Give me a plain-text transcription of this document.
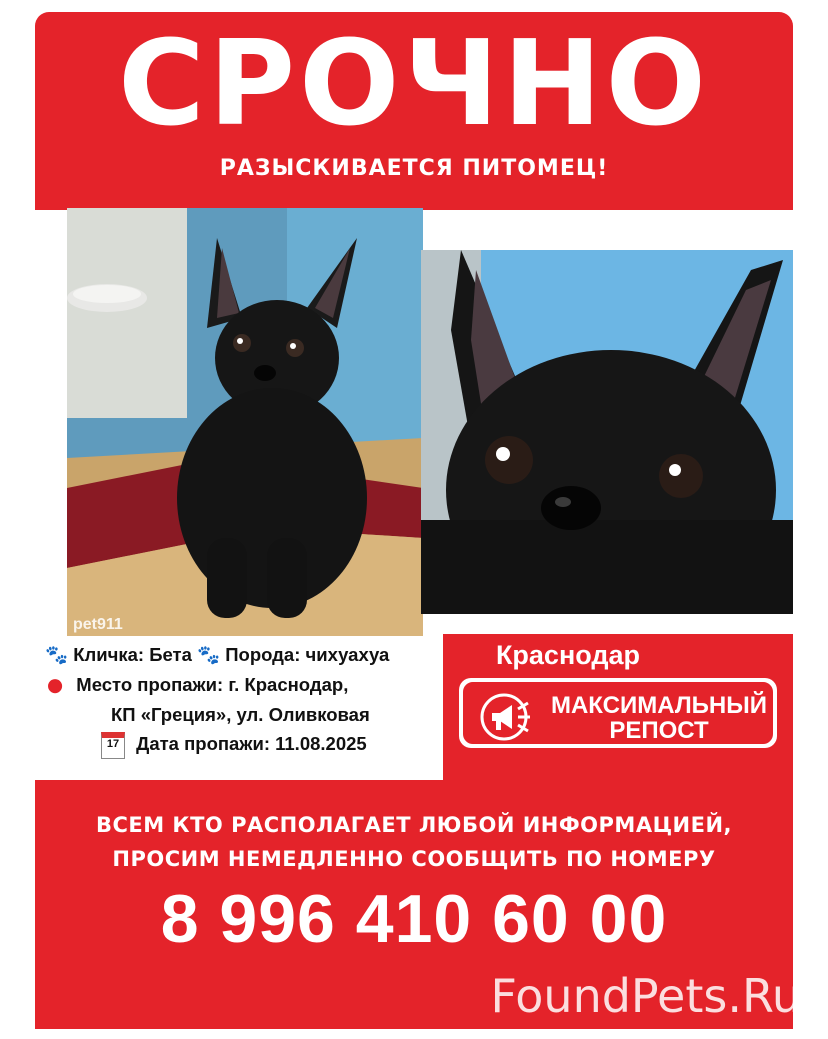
СРОЧНО
РАЗЫСКИВАЕТСЯ ПИТОМЕЦ!
pet911
🐾 Кличка: Бета 🐾 Порода: чихуахуа
● Место пропажи: г. Краснодар,
КП «Греция», ул. Оливковая
17 Дата пропажи: 11.08.2025
Краснодар
МАКСИМАЛЬНЫЙ
РЕПОСТ
ВСЕМ КТО РАСПОЛАГАЕТ ЛЮБОЙ ИНФОРМАЦИЕЙ,
ПРОСИМ НЕМЕДЛЕННО СООБЩИТЬ ПО НОМЕРУ
8 996 410 60 00
FoundPets.Ru
